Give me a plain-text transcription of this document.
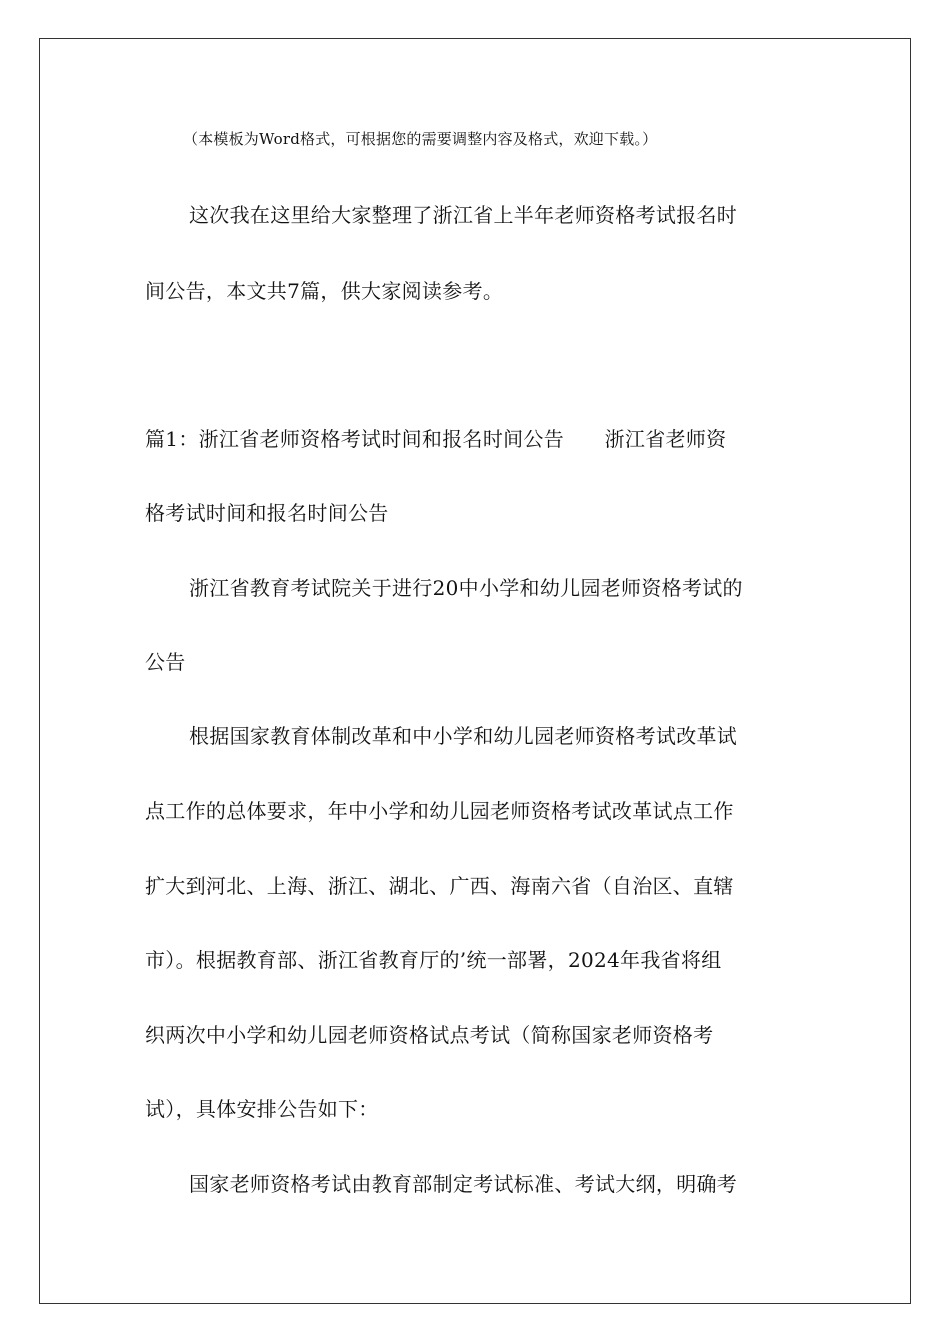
（本模板为Word格式，可根据您的需要调整内容及格式，欢迎下载。）
这次我在这里给大家整理了浙江省上半年老师资格考试报名时
间公告，本文共7篇，供大家阅读参考。
篇1：浙江省老师资格考试时间和报名时间公告　　浙江省老师资
格考试时间和报名时间公告
浙江省教育考试院关于进行20中小学和幼儿园老师资格考试的
公告
根据国家教育体制改革和中小学和幼儿园老师资格考试改革试
点工作的总体要求，年中小学和幼儿园老师资格考试改革试点工作
扩大到河北、上海、浙江、湖北、广西、海南六省（自治区、直辖
市）。根据教育部、浙江省教育厅的’统一部署，2024年我省将组
织两次中小学和幼儿园老师资格试点考试（简称国家老师资格考
试），具体安排公告如下：
国家老师资格考试由教育部制定考试标准、考试大纲，明确考
